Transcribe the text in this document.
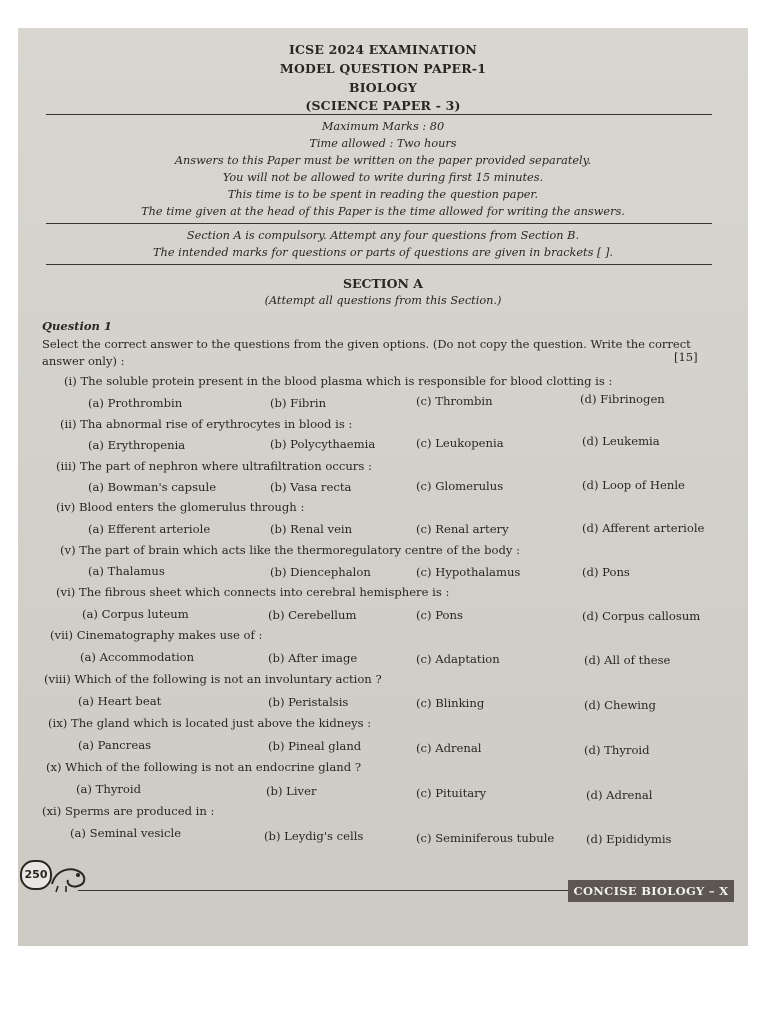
ICSE 2024 EXAMINATION
MODEL QUESTION PAPER-1
BIOLOGY
(SCIENCE PAPER - 3)
Maximum Marks : 80
Time allowed : Two hours
Answers to this Paper must be written on the paper provided separately.
You will not be allowed to write during first 15 minutes.
This time is to be spent in reading the question paper.
The time given at the head of this Paper is the time allowed for writing the answers.
Section A is compulsory. Attempt any four questions from Section B.
The intended marks for questions or parts of questions are given in brackets [ ].
SECTION A
(Attempt all questions from this Section.)
Question 1
Select the correct answer to the questions from the given options. (Do not copy the question. Write the correct answer only) :	[15]
(i) The soluble protein present in the blood plasma which is responsible for blood clotting is :
(a) Prothrombin	(b) Fibrin	(c) Thrombin	(d) Fibrinogen
(ii) Tha abnormal rise of erythrocytes in blood is :
(a) Erythropenia	(b) Polycythaemia	(c) Leukopenia	(d) Leukemia
(iii) The part of nephron where ultrafiltration occurs :
(a) Bowman's capsule	(b) Vasa recta	(c) Glomerulus	(d) Loop of Henle
(iv) Blood enters the glomerulus through :
(a) Efferent arteriole	(b) Renal vein	(c) Renal artery	(d) Afferent arteriole
(v) The part of brain which acts like the thermoregulatory centre of the body :
(a) Thalamus	(b) Diencephalon	(c) Hypothalamus	(d) Pons
(vi) The fibrous sheet which connects into cerebral hemisphere is :
(a) Corpus luteum	(b) Cerebellum	(c) Pons	(d) Corpus callosum
(vii) Cinematography makes use of :
(a) Accommodation	(b) After image	(c) Adaptation	(d) All of these
(viii) Which of the following is not an involuntary action ?
(a) Heart beat	(b) Peristalsis	(c) Blinking	(d) Chewing
(ix) The gland which is located just above the kidneys :
(a) Pancreas	(b) Pineal gland	(c) Adrenal	(d) Thyroid
(x) Which of the following is not an endocrine gland ?
(a) Thyroid	(b) Liver	(c) Pituitary	(d) Adrenal
(xi) Sperms are produced in :
(a) Seminal vesicle	(b) Leydig's cells	(c) Seminiferous tubule	(d) Epididymis
250
CONCISE BIOLOGY – X
